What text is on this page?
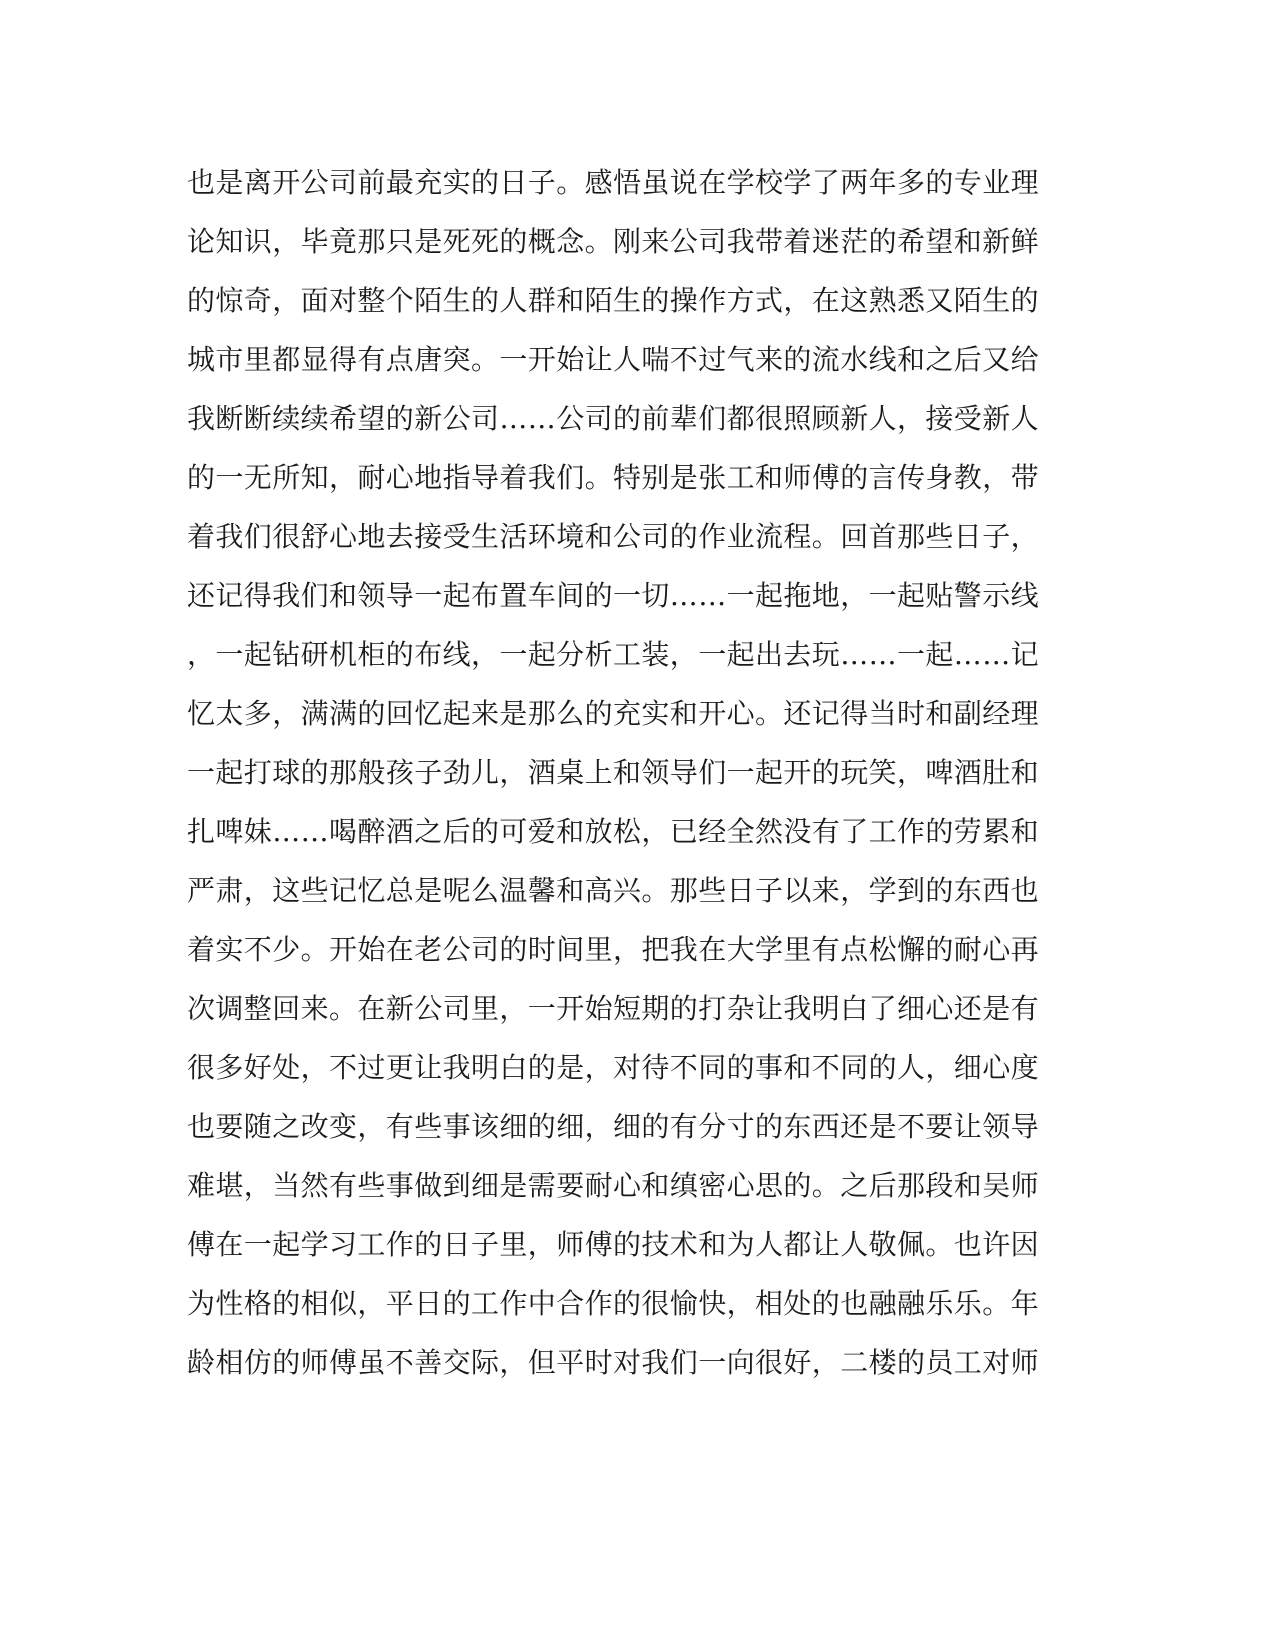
也是离开公司前最充实的日子。感悟虽说在学校学了两年多的专业理
论知识，毕竟那只是死死的概念。刚来公司我带着迷茫的希望和新鲜
的惊奇，面对整个陌生的人群和陌生的操作方式，在这熟悉又陌生的
城市里都显得有点唐突。一开始让人喘不过气来的流水线和之后又给
我断断续续希望的新公司……公司的前辈们都很照顾新人，接受新人
的一无所知，耐心地指导着我们。特别是张工和师傅的言传身教，带
着我们很舒心地去接受生活环境和公司的作业流程。回首那些日子，
还记得我们和领导一起布置车间的一切……一起拖地，一起贴警示线
，一起钻研机柜的布线，一起分析工装，一起出去玩……一起……记
忆太多，满满的回忆起来是那么的充实和开心。还记得当时和副经理
一起打球的那般孩子劲儿，酒桌上和领导们一起开的玩笑，啤酒肚和
扎啤妹……喝醉酒之后的可爱和放松，已经全然没有了工作的劳累和
严肃，这些记忆总是呢么温馨和高兴。那些日子以来，学到的东西也
着实不少。开始在老公司的时间里，把我在大学里有点松懈的耐心再
次调整回来。在新公司里，一开始短期的打杂让我明白了细心还是有
很多好处，不过更让我明白的是，对待不同的事和不同的人，细心度
也要随之改变，有些事该细的细，细的有分寸的东西还是不要让领导
难堪，当然有些事做到细是需要耐心和缜密心思的。之后那段和吴师
傅在一起学习工作的日子里，师傅的技术和为人都让人敬佩。也许因
为性格的相似，平日的工作中合作的很愉快，相处的也融融乐乐。年
龄相仿的师傅虽不善交际，但平时对我们一向很好，二楼的员工对师
